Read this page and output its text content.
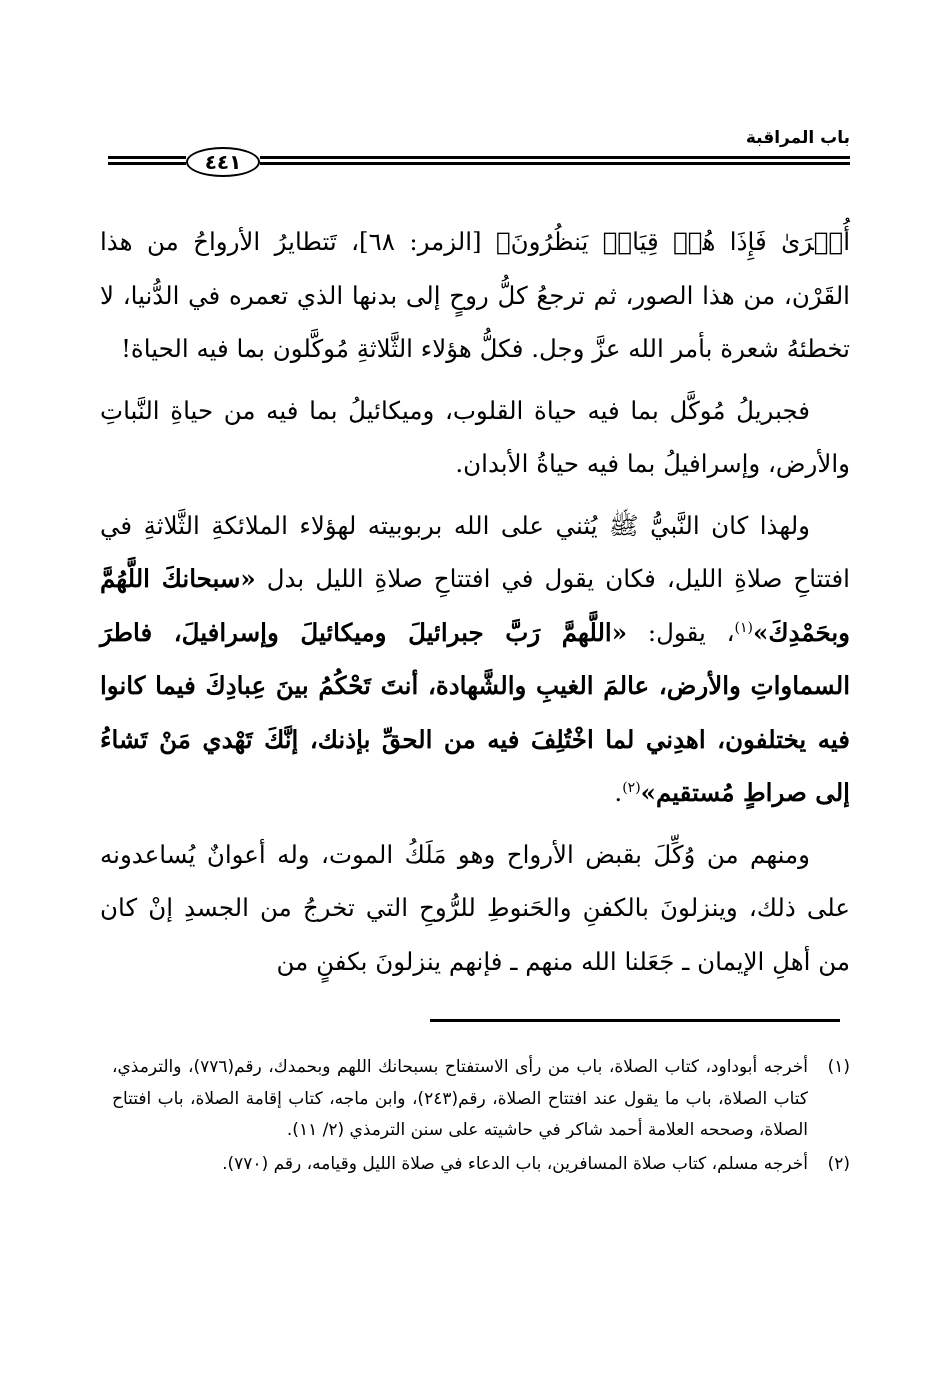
باب المراقبة
٤٤١

أُخۡرَىٰ فَإِذَا هُمۡ قِيَامٞ يَنظُرُونَ﴾ [الزمر: ٦٨]، تَتطايرُ الأرواحُ من هذا القَرْن، من هذا الصور، ثم ترجعُ كلُّ روحٍ إلى بدنها الذي تعمره في الدُّنيا، لا تخطئهُ شعرة بأمر الله عزَّ وجل. فكلُّ هؤلاء الثَّلاثةِ مُوكَّلون بما فيه الحياة!

فجبريلُ مُوكَّل بما فيه حياة القلوب، وميكائيلُ بما فيه من حياةِ النَّباتِ والأرض، وإسرافيلُ بما فيه حياةُ الأبدان.

ولهذا كان النَّبيُّ ﷺ يُثني على الله بربوبيته لهؤلاء الملائكةِ الثَّلاثةِ في افتتاحِ صلاةِ الليل، فكان يقول في افتتاحِ صلاةِ الليل بدل «سبحانكَ اللَّهُمَّ وبحَمْدِكَ»$^{(١)}$، يقول: «اللَّهمَّ رَبَّ جبرائيلَ وميكائيلَ وإسرافيلَ، فاطرَ السماواتِ والأرض، عالمَ الغيبِ والشَّهادة، أنتَ تَحْكُمُ بينَ عِبادِكَ فيما كانوا فيه يختلفون، اهدِني لما اخْتُلِفَ فيه من الحقِّ بإذنك، إنَّكَ تَهْدي مَنْ تَشاءُ إلى صراطٍ مُستقيم»$^{(٢)}$.

ومنهم من وُكِّلَ بقبض الأرواح وهو مَلَكُ الموت، وله أعوانٌ يُساعدونه على ذلك، وينزلونَ بالكفنِ والحَنوطِ للرُّوحِ التي تخرجُ من الجسدِ إنْ كان من أهلِ الإيمان ـ جَعَلنا الله منهم ـ فإنهم ينزلونَ بكفنٍ من

(١)
أخرجه أبوداود، كتاب الصلاة، باب من رأى الاستفتاح بسبحانك اللهم وبحمدك، رقم(٧٧٦)، والترمذي، كتاب الصلاة، باب ما يقول عند افتتاح الصلاة، رقم(٢٤٣)، وابن ماجه، كتاب إقامة الصلاة، باب افتتاح الصلاة، وصححه العلامة أحمد شاكر في حاشيته على سنن الترمذي (٢/ ١١).
(٢)
أخرجه مسلم، كتاب صلاة المسافرين، باب الدعاء في صلاة الليل وقيامه، رقم (٧٧٠).
